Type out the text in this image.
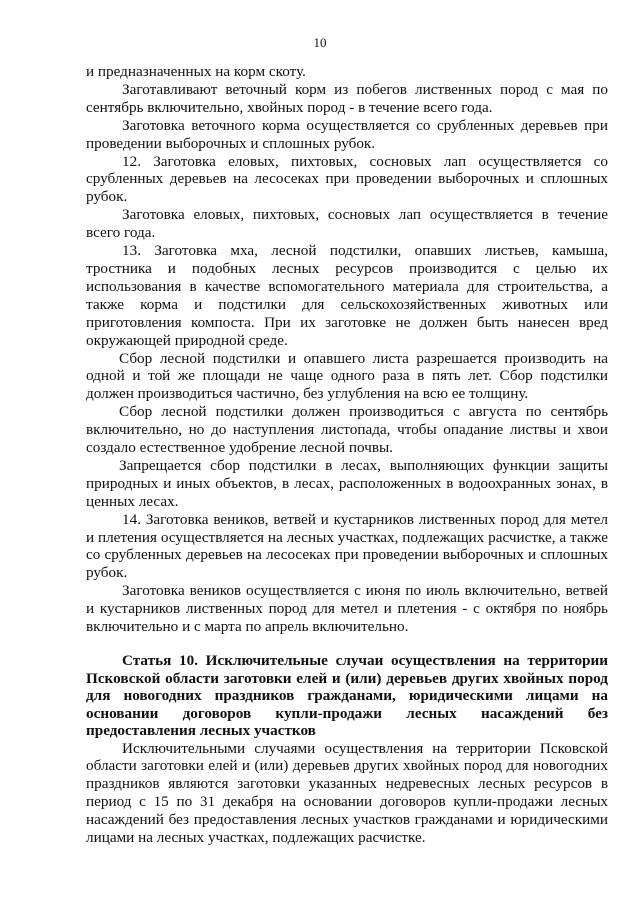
10

и предназначенных на корм скоту.

Заготавливают веточный корм из побегов лиственных пород с мая по сентябрь включительно, хвойных пород - в течение всего года.

Заготовка веточного корма осуществляется со срубленных деревьев при проведении выборочных и сплошных рубок.

12. Заготовка еловых, пихтовых, сосновых лап осуществляется со срубленных деревьев на лесосеках при проведении выборочных и сплошных рубок.

Заготовка еловых, пихтовых, сосновых лап осуществляется в течение всего года.

13. Заготовка мха, лесной подстилки, опавших листьев, камыша, тростника и подобных лесных ресурсов производится с целью их использования в качестве вспомогательного материала для строительства, а также корма и подстилки для сельскохозяйственных животных или приготовления компоста. При их заготовке не должен быть нанесен вред окружающей природной среде.

Сбор лесной подстилки и опавшего листа разрешается производить на одной и той же площади не чаще одного раза в пять лет. Сбор подстилки должен производиться частично, без углубления на всю ее толщину.

Сбор лесной подстилки должен производиться с августа по сентябрь включительно, но до наступления листопада, чтобы опадание листвы и хвои создало естественное удобрение лесной почвы.

Запрещается сбор подстилки в лесах, выполняющих функции защиты природных и иных объектов, в лесах, расположенных в водоохранных зонах, в ценных лесах.

14. Заготовка веников, ветвей и кустарников лиственных пород для метел и плетения осуществляется на лесных участках, подлежащих расчистке, а также со срубленных деревьев на лесосеках при проведении выборочных и сплошных рубок.

Заготовка веников осуществляется с июня по июль включительно, ветвей и кустарников лиственных пород для метел и плетения - с октября по ноябрь включительно и с марта по апрель включительно.

Статья 10. Исключительные случаи осуществления на территории Псковской области заготовки елей и (или) деревьев других хвойных пород для новогодних праздников гражданами, юридическими лицами на основании договоров купли-продажи лесных насаждений без предоставления лесных участков

Исключительными случаями осуществления на территории Псковской области заготовки елей и (или) деревьев других хвойных пород для новогодних праздников являются заготовки указанных недревесных лесных ресурсов в период с 15 по 31 декабря на основании договоров купли-продажи лесных насаждений без предоставления лесных участков гражданами и юридическими лицами на лесных участках, подлежащих расчистке.
